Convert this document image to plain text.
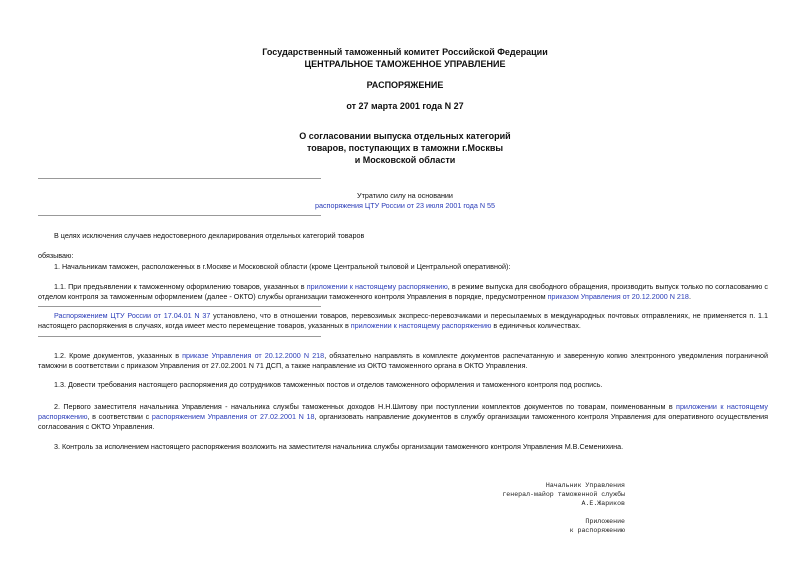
Государственный таможенный комитет Российской Федерации
ЦЕНТРАЛЬНОЕ ТАМОЖЕННОЕ УПРАВЛЕНИЕ
РАСПОРЯЖЕНИЕ
от 27 марта 2001 года N 27
О согласовании выпуска отдельных категорий
товаров, поступающих в таможни г.Москвы
и Московской области
Утратило силу на основании
распоряжения ЦТУ России от 23 июля 2001 года N 55
В целях исключения случаев недостоверного декларирования отдельных категорий товаров
обязываю:
1. Начальникам таможен, расположенных в г.Москве и Московской области (кроме Центральной тыловой и Центральной оперативной):
1.1. При предъявлении к таможенному оформлению товаров, указанных в приложении к настоящему распоряжению, в режиме выпуска для свободного обращения, производить выпуск только по согласованию с отделом контроля за таможенным оформлением (далее - ОКТО) службы организации таможенного контроля Управления в порядке, предусмотренном приказом Управления от 20.12.2000 N 218.
Распоряжением ЦТУ России от 17.04.01 N 37 установлено, что в отношении товаров, перевозимых экспресс-перевозчиками и пересылаемых в международных почтовых отправлениях, не применяется п. 1.1 настоящего распоряжения в случаях, когда имеет место перемещение товаров, указанных в приложении к настоящему распоряжению в единичных количествах.
1.2. Кроме документов, указанных в приказе Управления от 20.12.2000 N 218, обязательно направлять в комплекте документов распечатанную и заверенную копию электронного уведомления пограничной таможни в соответствии с приказом Управления от 27.02.2001 N 71 ДСП, а также направление из ОКТО таможенного органа в ОКТО Управления.
1.3. Довести требования настоящего распоряжения до сотрудников таможенных постов и отделов таможенного оформления и таможенного контроля под роспись.
2. Первого заместителя начальника Управления - начальника службы таможенных доходов Н.Н.Шитову при поступлении комплектов документов по товарам, поименованным в приложении к настоящему распоряжению, в соответствии с распоряжением Управления от 27.02.2001 N 18, организовать направление документов в службу организации таможенного контроля Управления для оперативного осуществления согласования с ОКТО Управления.
3. Контроль за исполнением настоящего распоряжения возложить на заместителя начальника службы организации таможенного контроля Управления М.В.Семенихина.
Начальник Управления
генерал-майор таможенной службы
А.Е.Жариков
Приложение
к распоряжению
